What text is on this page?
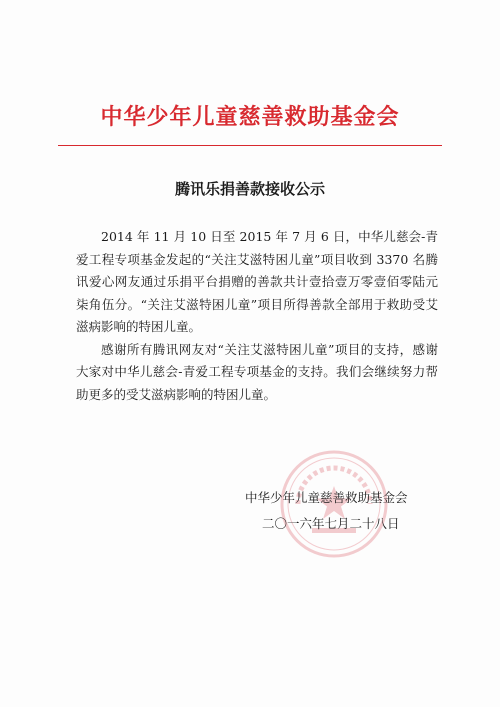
中华少年儿童慈善救助基金会
腾讯乐捐善款接收公示

2014 年 11 月 10 日至 2015 年 7 月 6 日，中华儿慈会-青爱工程专项基金发起的“关注艾滋特困儿童”项目收到 3370 名腾讯爱心网友通过乐捐平台捐赠的善款共计壹拾壹万零壹佰零陆元柒角伍分。“关注艾滋特困儿童”项目所得善款全部用于救助受艾滋病影响的特困儿童。

感谢所有腾讯网友对“关注艾滋特困儿童”项目的支持，感谢大家对中华儿慈会-青爱工程专项基金的支持。我们会继续努力帮助更多的受艾滋病影响的特困儿童。

中华少年儿童慈善救助基金会
二〇一六年七月二十八日
